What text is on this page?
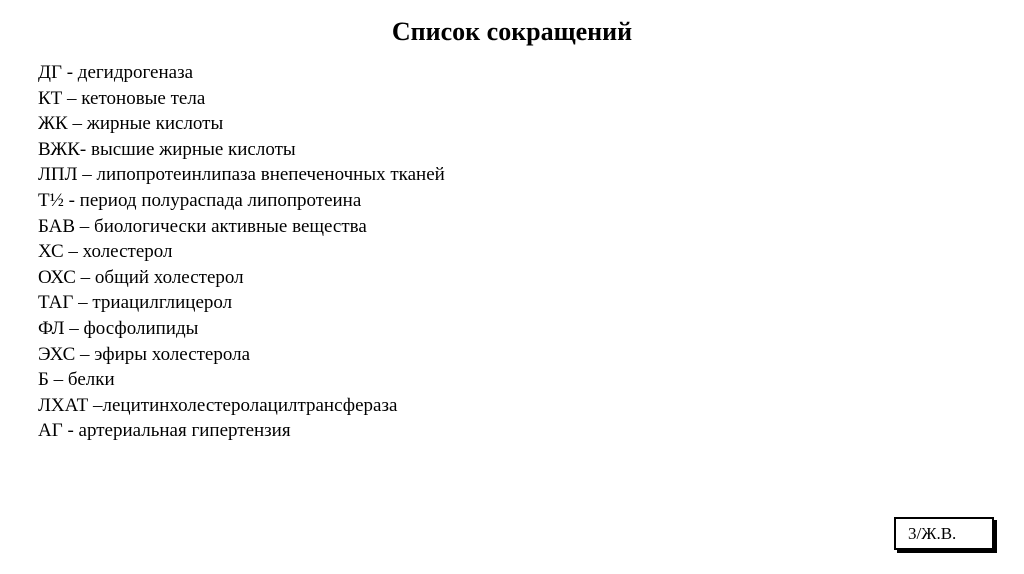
Список сокращений
ДГ - дегидрогеназа
КТ – кетоновые тела
ЖК – жирные кислоты
ВЖК- высшие жирные кислоты
ЛПЛ – липопротеинлипаза внепеченочных тканей
Т½ - период полураспада липопротеина
БАВ – биологически активные вещества
ХС – холестерол
ОХС – общий холестерол
ТАГ – триацилглицерол
ФЛ – фосфолипиды
ЭХС – эфиры холестерола
Б – белки
ЛХАТ –лецитинхолестеролацилтрансфераза
АГ - артериальная гипертензия
3/Ж.В.
